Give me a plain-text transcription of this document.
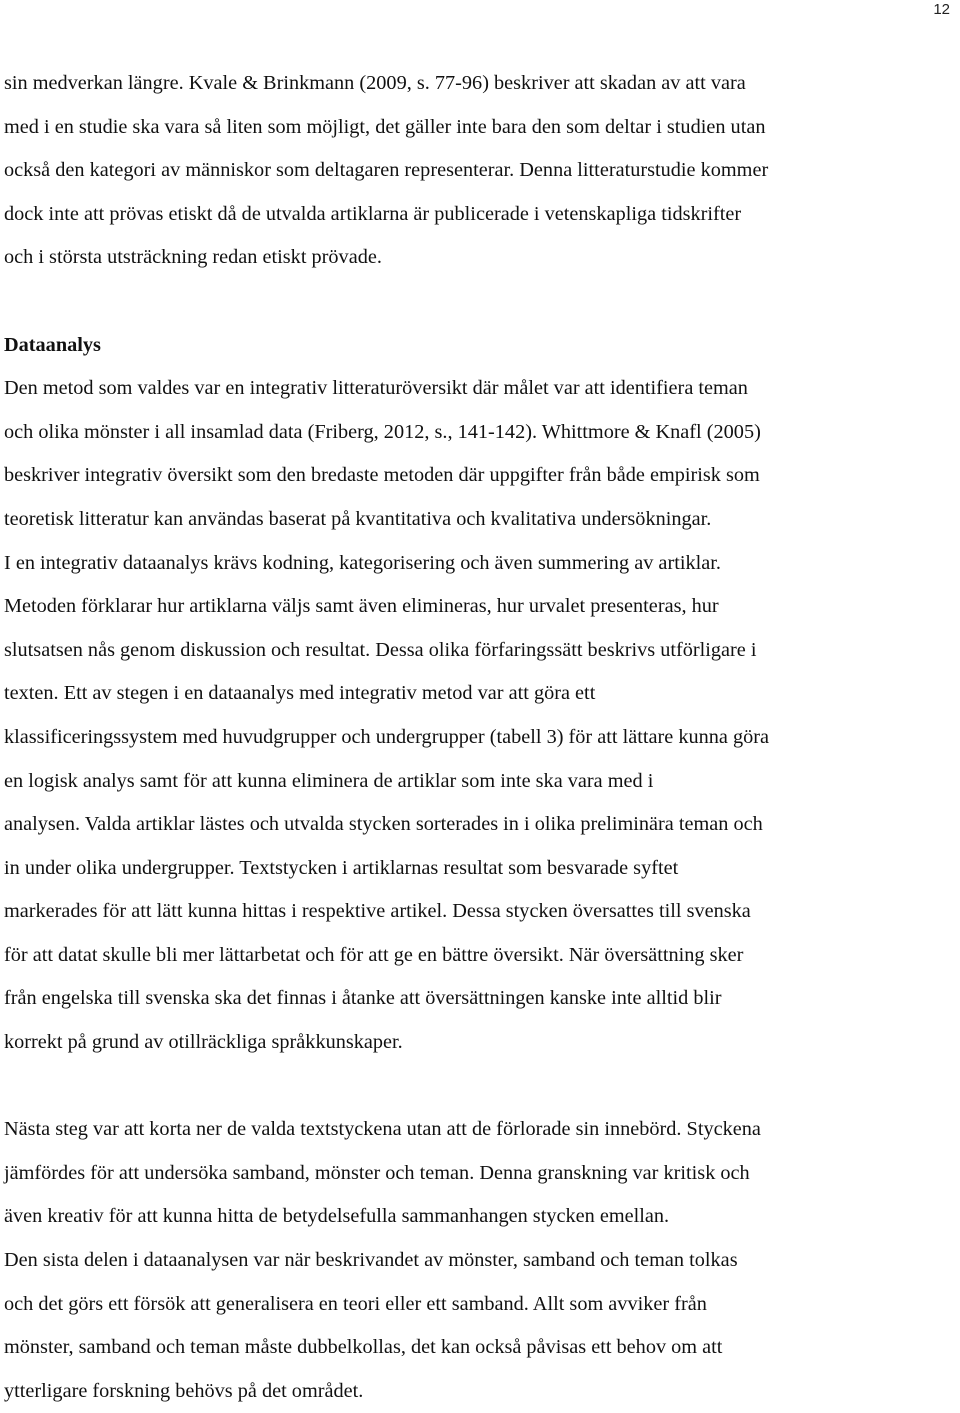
12
sin medverkan längre. Kvale & Brinkmann (2009, s. 77-96) beskriver att skadan av att vara
med i en studie ska vara så liten som möjligt, det gäller inte bara den som deltar i studien utan
också den kategori av människor som deltagaren representerar. Denna litteraturstudie kommer
dock inte att prövas etiskt då de utvalda artiklarna är publicerade i vetenskapliga tidskrifter
och i största utsträckning redan etiskt prövade.
Dataanalys
Den metod som valdes var en integrativ litteraturöversikt där målet var att identifiera teman
och olika mönster i all insamlad data (Friberg, 2012, s., 141-142). Whittmore & Knafl (2005)
beskriver integrativ översikt som den bredaste metoden där uppgifter från både empirisk som
teoretisk litteratur kan användas baserat på kvantitativa och kvalitativa undersökningar.
I en integrativ dataanalys krävs kodning, kategorisering och även summering av artiklar.
Metoden förklarar hur artiklarna väljs samt även elimineras, hur urvalet presenteras, hur
slutsatsen nås genom diskussion och resultat. Dessa olika förfaringssätt beskrivs utförligare i
texten. Ett av stegen i en dataanalys med integrativ metod var att göra ett
klassificeringssystem med huvudgrupper och undergrupper (tabell 3) för att lättare kunna göra
en logisk analys samt för att kunna eliminera de artiklar som inte ska vara med i
analysen. Valda artiklar lästes och utvalda stycken sorterades in i olika preliminära teman och
in under olika undergrupper. Textstycken i artiklarnas resultat som besvarade syftet
markerades för att lätt kunna hittas i respektive artikel. Dessa stycken översattes till svenska
för att datat skulle bli mer lättarbetat och för att ge en bättre översikt. När översättning sker
från engelska till svenska ska det finnas i åtanke att översättningen kanske inte alltid blir
korrekt på grund av otillräckliga språkkunskaper.
Nästa steg var att korta ner de valda textstyckena utan att de förlorade sin innebörd. Styckena
jämfördes för att undersöka samband, mönster och teman. Denna granskning var kritisk och
även kreativ för att kunna hitta de betydelsefulla sammanhangen stycken emellan.
Den sista delen i dataanalysen var när beskrivandet av mönster, samband och teman tolkas
och det görs ett försök att generalisera en teori eller ett samband. Allt som avviker från
mönster, samband och teman måste dubbelkollas, det kan också påvisas ett behov om att
ytterligare forskning behövs på det området.
